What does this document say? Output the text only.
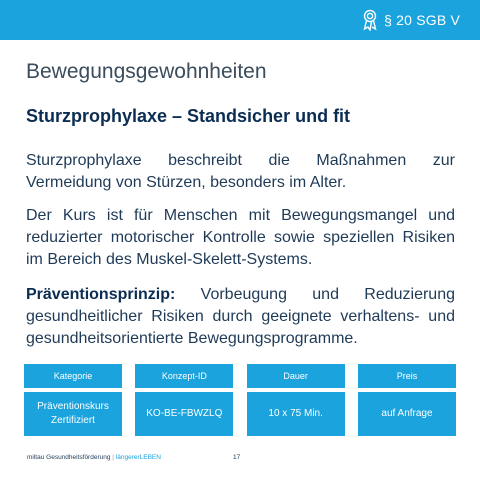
§ 20 SGB V
Bewegungsgewohnheiten
Sturzprophylaxe – Standsicher und fit

Sturzprophylaxe beschreibt die Maßnahmen zur Vermeidung von Stürzen, besonders im Alter.

Der Kurs ist für Menschen mit Bewegungsmangel und reduzierter motorischer Kontrolle sowie speziellen Risiken im Bereich des Muskel-Skelett-Systems.

Präventionsprinzip: Vorbeugung und Reduzierung gesundheitlicher Risiken durch geeignete verhaltens- und gesundheitsorientierte Bewegungsprogramme.

Kategorie
Präventionskurs Zertifiziert
Konzept-ID
KO-BE-FBWZLQ
Dauer
10 x 75 Min.
Preis
auf Anfrage
miltau Gesundheitsförderung | längererLEBEN	17
